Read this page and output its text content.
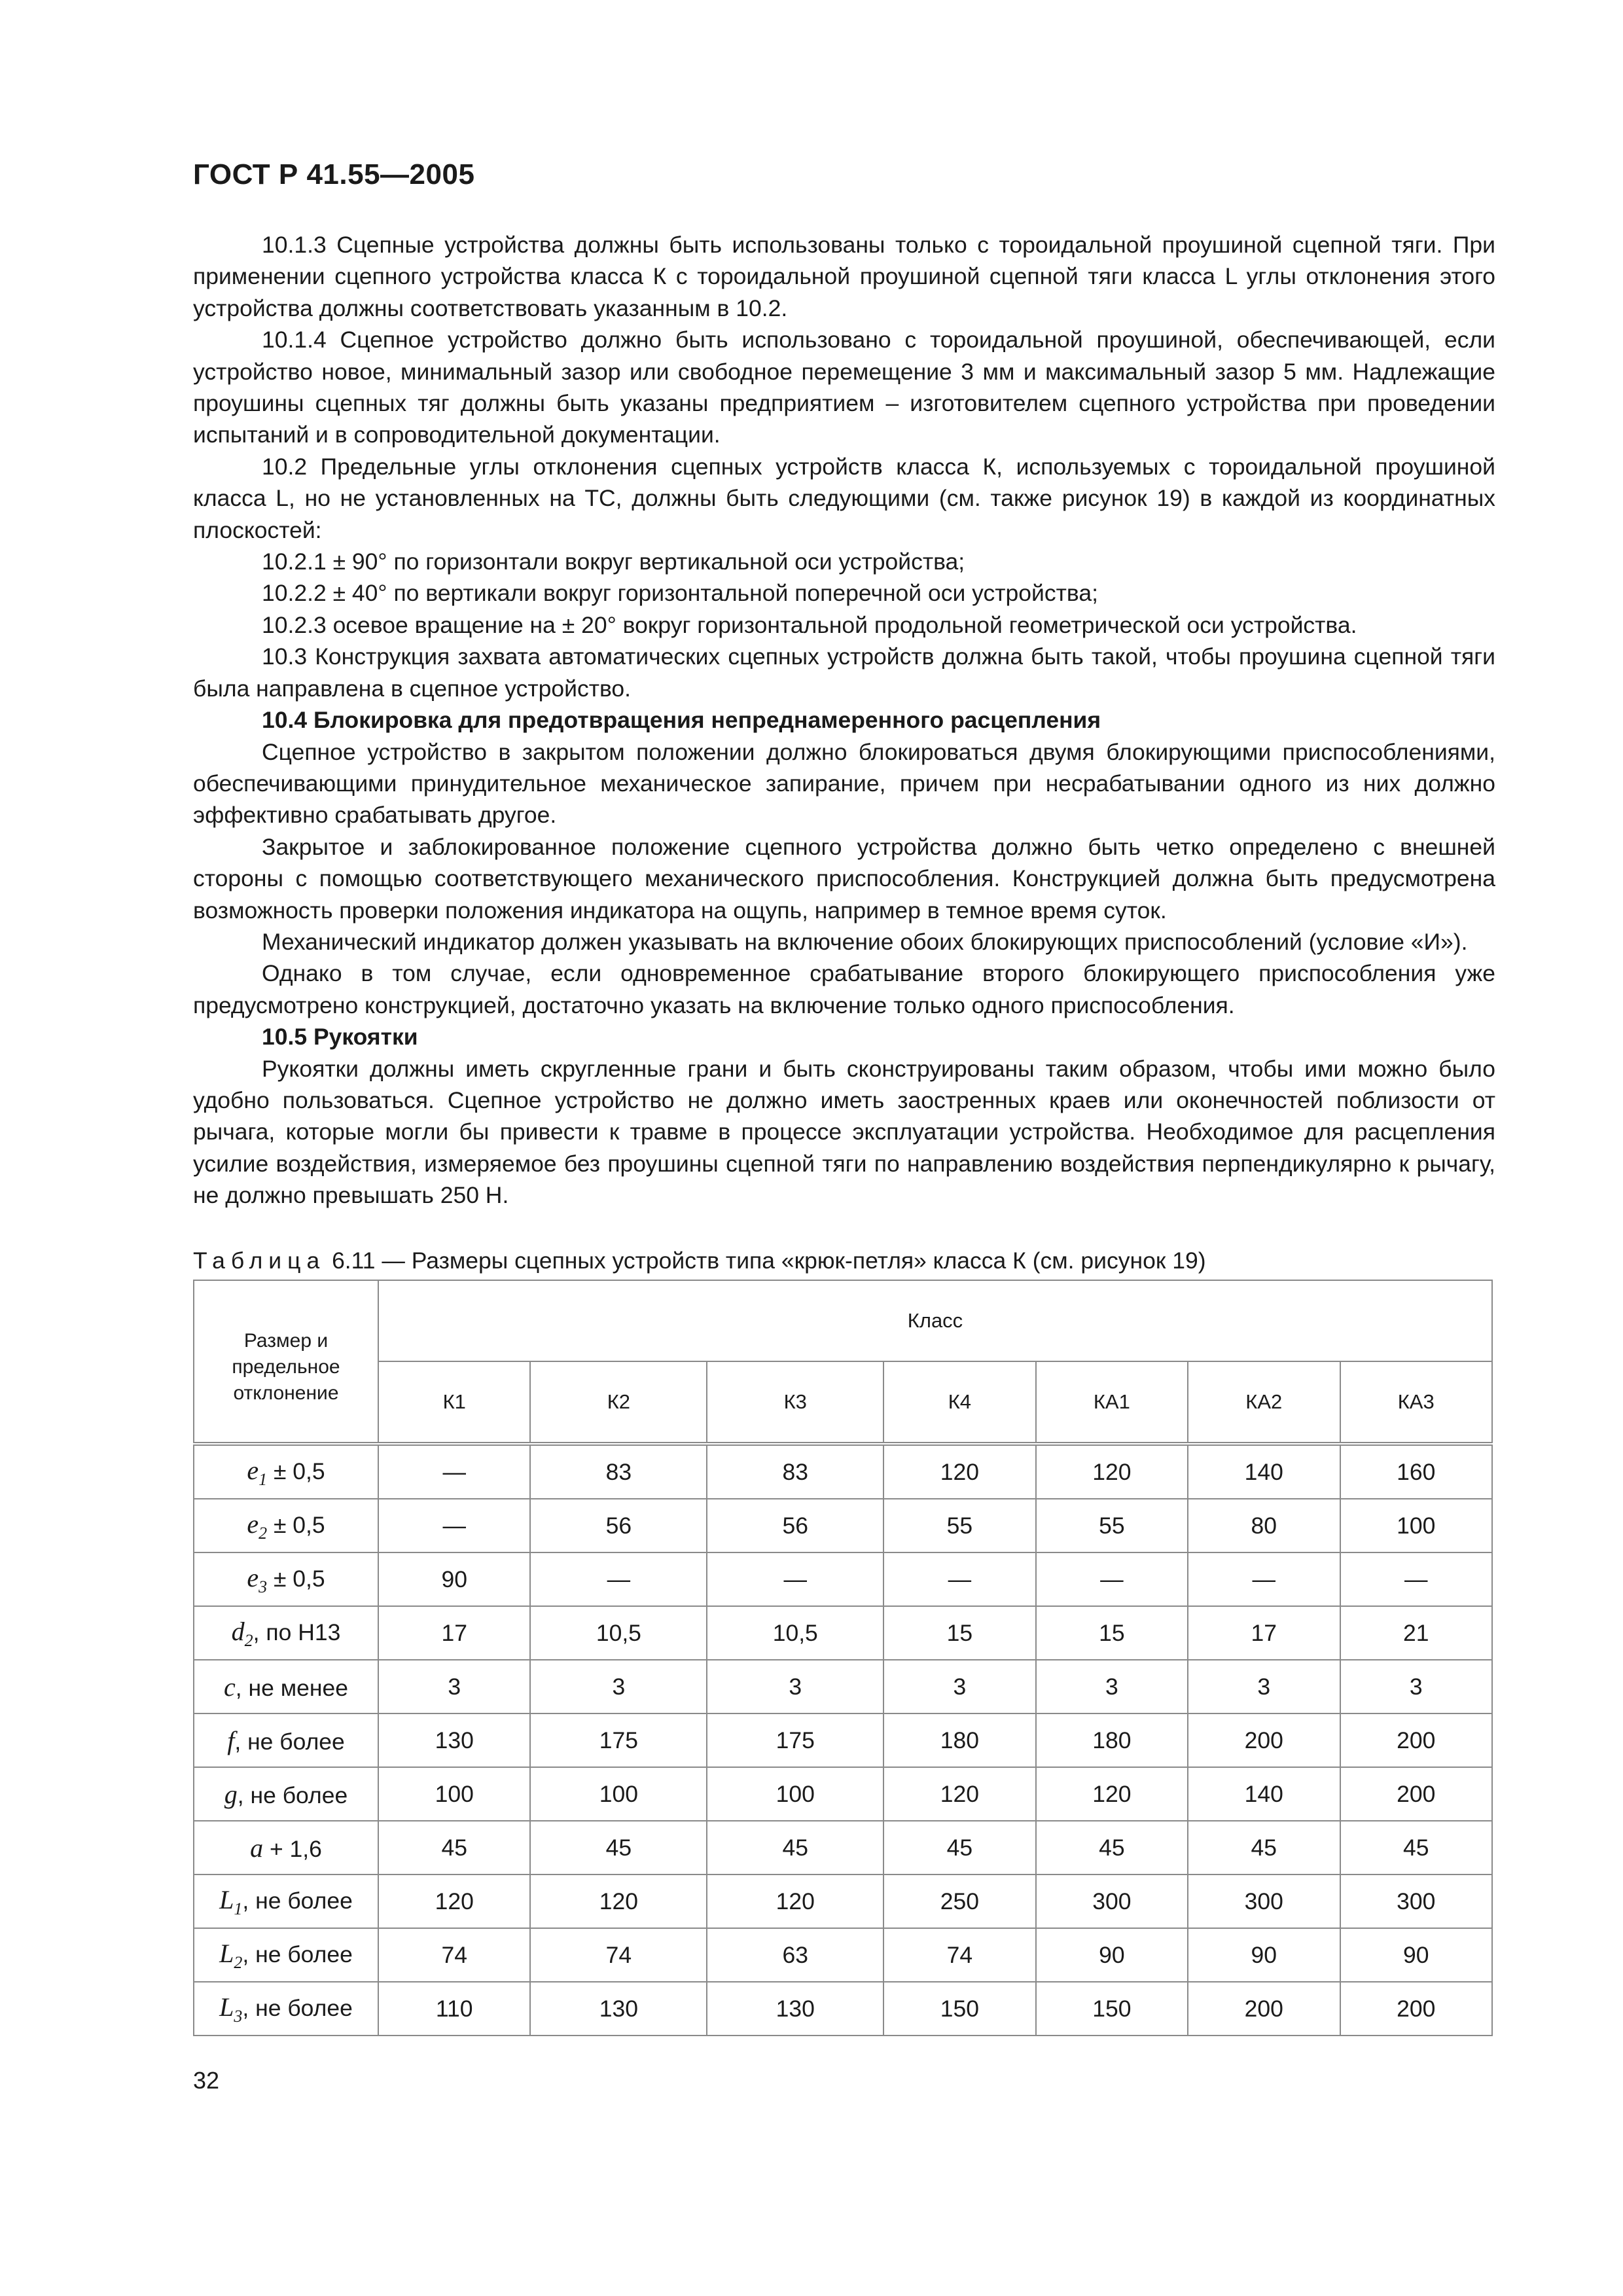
ГОСТ Р 41.55—2005

10.1.3 Сцепные устройства должны быть использованы только с тороидальной проушиной сцепной тяги. При применении сцепного устройства класса К с тороидальной проушиной сцепной тяги класса L углы отклонения этого устройства должны соответствовать указанным в 10.2.

10.1.4 Сцепное устройство должно быть использовано с тороидальной проушиной, обеспечивающей, если устройство новое, минимальный зазор или свободное перемещение 3 мм и максимальный зазор 5 мм. Надлежащие проушины сцепных тяг должны быть указаны предприятием – изготовителем сцепного устройства при проведении испытаний и в сопроводительной документации.

10.2 Предельные углы отклонения сцепных устройств класса К, используемых с тороидальной проушиной класса L, но не установленных на ТС, должны быть следующими (см. также рисунок 19) в каждой из координатных плоскостей:

10.2.1 ± 90° по горизонтали вокруг вертикальной оси устройства;

10.2.2 ± 40° по вертикали вокруг горизонтальной поперечной оси устройства;

10.2.3 осевое вращение на ± 20° вокруг горизонтальной продольной геометрической оси устройства.

10.3 Конструкция захвата автоматических сцепных устройств должна быть такой, чтобы проушина сцепной тяги была направлена в сцепное устройство.

10.4 Блокировка для предотвращения непреднамеренного расцепления

Сцепное устройство в закрытом положении должно блокироваться двумя блокирующими приспособлениями, обеспечивающими принудительное механическое запирание, причем при несрабатывании одного из них должно эффективно срабатывать другое.

Закрытое и заблокированное положение сцепного устройства должно быть четко определено с внешней стороны с помощью соответствующего механического приспособления. Конструкцией должна быть предусмотрена возможность проверки положения индикатора на ощупь, например в темное время суток.

Механический индикатор должен указывать на включение обоих блокирующих приспособлений (условие «И»).

Однако в том случае, если одновременное срабатывание второго блокирующего приспособления уже предусмотрено конструкцией, достаточно указать на включение только одного приспособления.

10.5 Рукоятки

Рукоятки должны иметь скругленные грани и быть сконструированы таким образом, чтобы ими можно было удобно пользоваться. Сцепное устройство не должно иметь заостренных краев или оконечностей поблизости от рычага, которые могли бы привести к травме в процессе эксплуатации устройства. Необходимое для расцепления усилие воздействия, измеряемое без проушины сцепной тяги по направлению воздействия перпендикулярно к рычагу, не должно превышать 250 Н.

Таблица 6.11 — Размеры сцепных устройств типа «крюк-петля» класса К (см. рисунок 19)
Размер и предельное отклонение	Класс						
	К1	К2	К3	К4	КА1	КА2	КА3
$e_1 \pm 0,5$	—	83	83	120	120	140	160
$e_2 \pm 0,5$	—	56	56	55	55	80	100
$e_3 \pm 0,5$	90	—	—	—	—	—	—
$d_2$, по Н13	17	10,5	10,5	15	15	17	21
c, не менее	3	3	3	3	3	3	3
f, не более	130	175	175	180	180	200	200
g, не более	100	100	100	120	120	140	200
a + 1,6	45	45	45	45	45	45	45
$L_1$, не более	120	120	120	250	300	300	300
$L_2$, не более	74	74	63	74	90	90	90
$L_3$, не более	110	130	130	150	150	200	200
32
